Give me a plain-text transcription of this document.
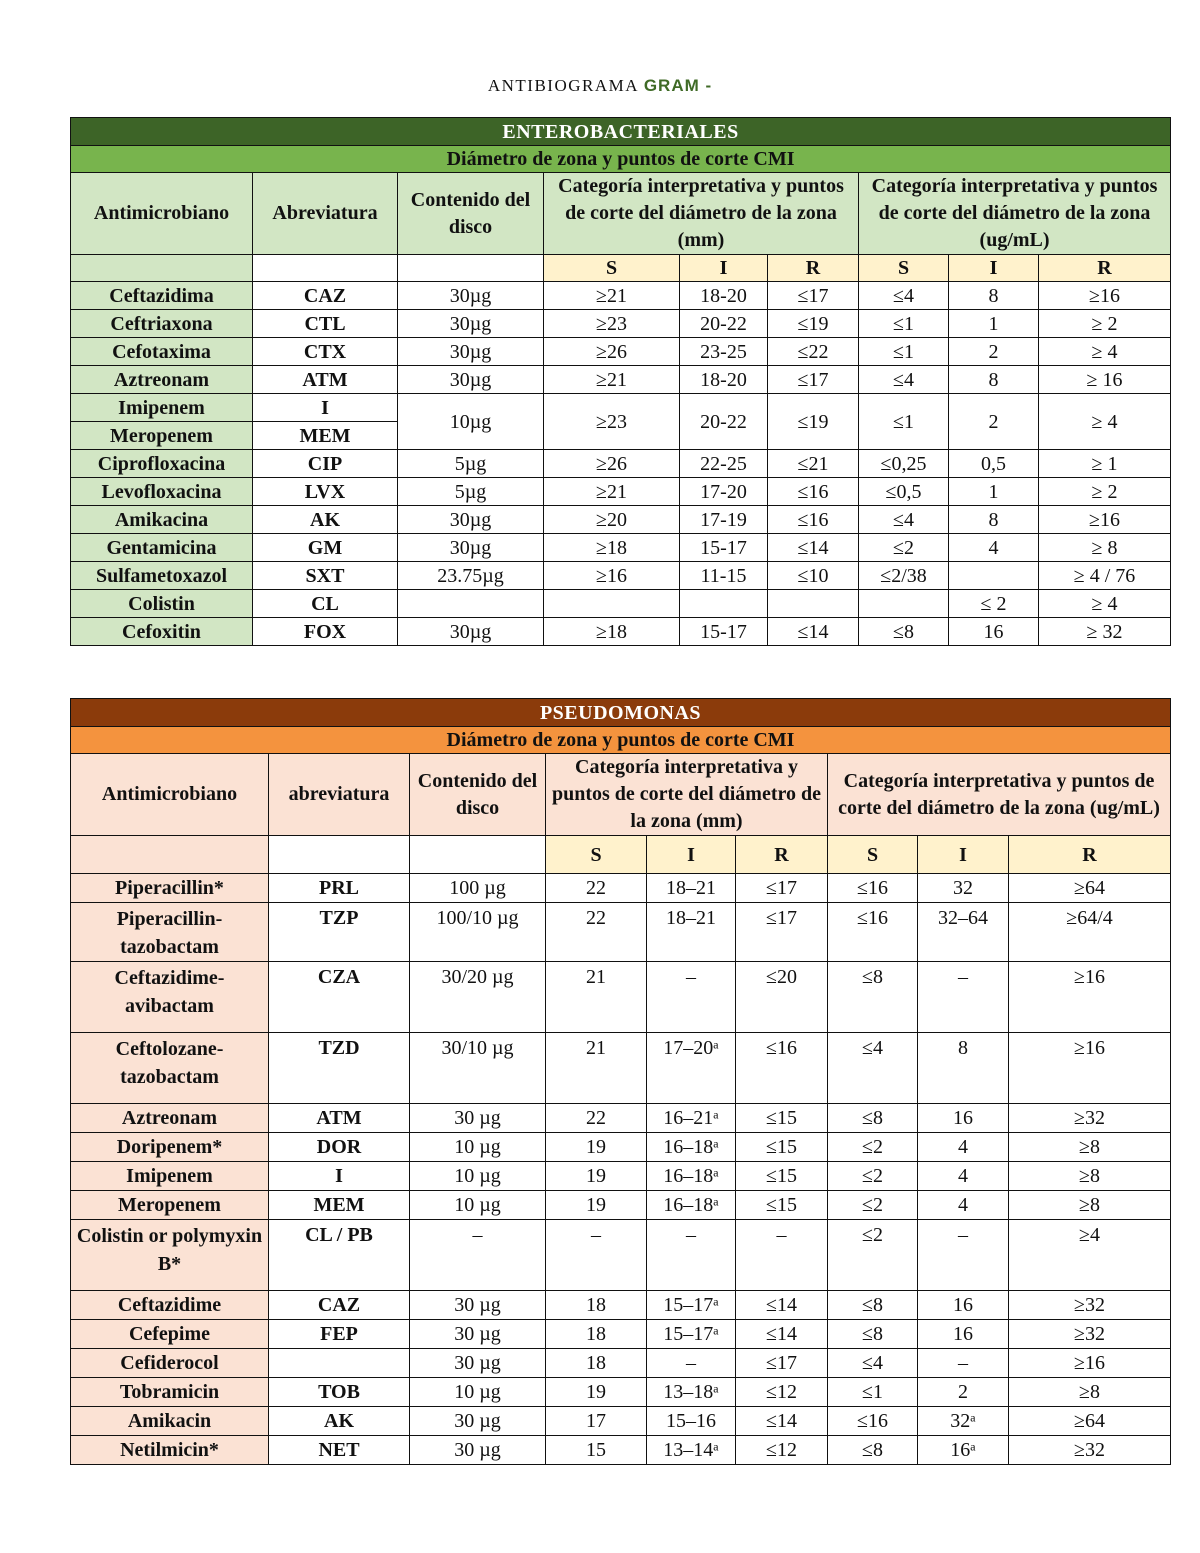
ANTIBIOGRAMA GRAM -
ENTEROBACTERIALES								
Diámetro de zona y puntos de corte CMI								
Antimicrobiano	Abreviatura	Contenido del disco	Categoría interpretativa y puntos de corte del diámetro de la zona (mm)			Categoría interpretativa y puntos de corte del diámetro de la zona (ug/mL)		
			S	I	R	S	I	R
Ceftazidima	CAZ	30µg	≥21	18-20	≤17	≤4	8	≥16
Ceftriaxona	CTL	30µg	≥23	20-22	≤19	≤1	1	≥ 2
Cefotaxima	CTX	30µg	≥26	23-25	≤22	≤1	2	≥ 4
Aztreonam	ATM	30µg	≥21	18-20	≤17	≤4	8	≥ 16
Imipenem	I	10µg	≥23	20-22	≤19	≤1	2	≥ 4
Meropenem	MEM							
Ciprofloxacina	CIP	5µg	≥26	22-25	≤21	≤0,25	0,5	≥ 1
Levofloxacina	LVX	5µg	≥21	17-20	≤16	≤0,5	1	≥ 2
Amikacina	AK	30µg	≥20	17-19	≤16	≤4	8	≥16
Gentamicina	GM	30µg	≥18	15-17	≤14	≤2	4	≥ 8
Sulfametoxazol	SXT	23.75µg	≥16	11-15	≤10	≤2/38		≥ 4 / 76
Colistin	CL						≤ 2	≥ 4
Cefoxitin	FOX	30µg	≥18	15-17	≤14	≤8	16	≥ 32
PSEUDOMONAS								
Diámetro de zona y puntos de corte CMI								
Antimicrobiano	abreviatura	Contenido del disco	Categoría interpretativa y puntos de corte del diámetro de la zona (mm)			Categoría interpretativa y puntos de corte del diámetro de la zona (ug/mL)		
			S	I	R	S	I	R
Piperacillin*	PRL	100 µg	22	18–21	≤17	≤16	32	≥64
Piperacillin-tazobactam	TZP	100/10 µg	22	18–21	≤17	≤16	32–64	≥64/4
Ceftazidime-avibactam	CZA	30/20 µg	21	–	≤20	≤8	–	≥16
Ceftolozane-tazobactam	TZD	30/10 µg	21	17–20ᵃ	≤16	≤4	8	≥16
Aztreonam	ATM	30 µg	22	16–21ᵃ	≤15	≤8	16	≥32
Doripenem*	DOR	10 µg	19	16–18ᵃ	≤15	≤2	4	≥8
Imipenem	I	10 µg	19	16–18ᵃ	≤15	≤2	4	≥8
Meropenem	MEM	10 µg	19	16–18ᵃ	≤15	≤2	4	≥8
Colistin or polymyxin B*	CL / PB	–	–	–	–	≤2	–	≥4
Ceftazidime	CAZ	30 µg	18	15–17ᵃ	≤14	≤8	16	≥32
Cefepime	FEP	30 µg	18	15–17ᵃ	≤14	≤8	16	≥32
Cefiderocol		30 µg	18	–	≤17	≤4	–	≥16
Tobramicin	TOB	10 µg	19	13–18ᵃ	≤12	≤1	2	≥8
Amikacin	AK	30 µg	17	15–16	≤14	≤16	32ᵃ	≥64
Netilmicin*	NET	30 µg	15	13–14ᵃ	≤12	≤8	16ᵃ	≥32
